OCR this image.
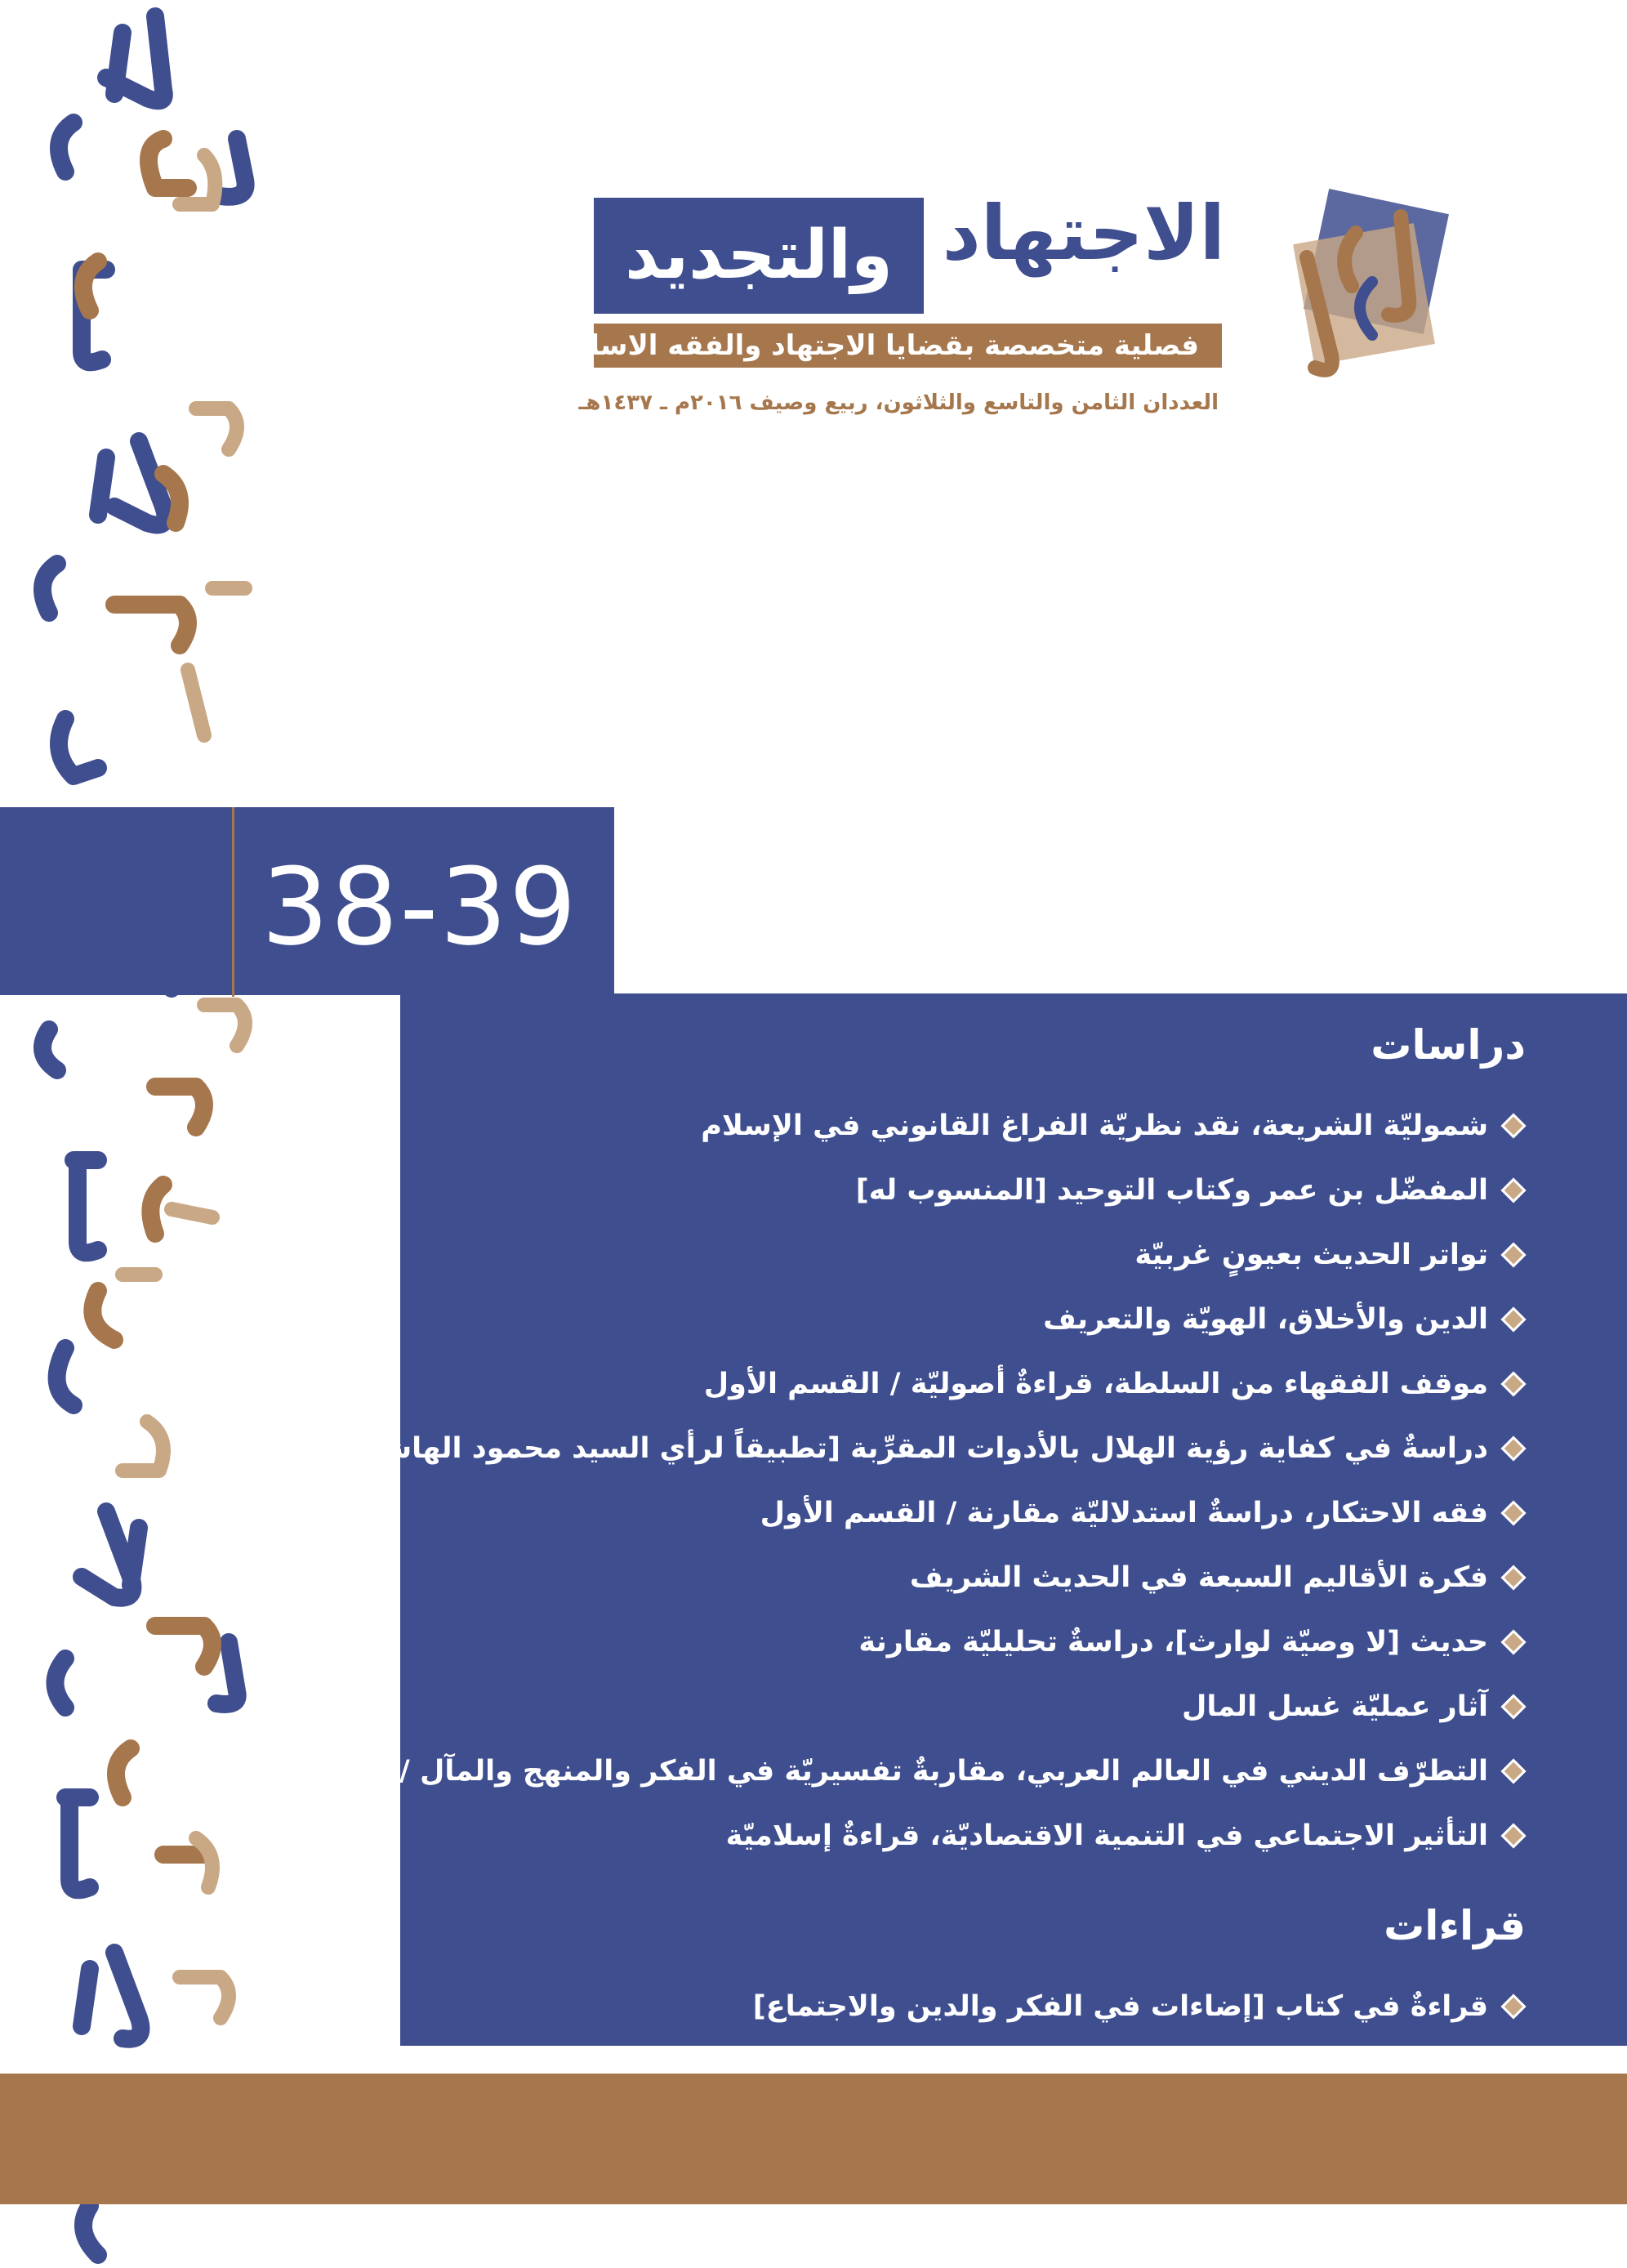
الاجتهاد
والتجديد
فصلية متخصصة بقضايا الاجتهاد والفقه الاسلامي
العددان الثامن والتاسع والثلاثون، ربيع وصيف ٢٠١٦م ـ ١٤٣٧هـ
38-39
دراسات
شموليّة الشريعة، نقد نظريّة الفراغ القانوني في الإسلام
المفضّل بن عمر وكتاب التوحيد [المنسوب له]
تواتر الحديث بعيونٍ غربيّة
الدين والأخلاق، الهويّة والتعريف
موقف الفقهاء من السلطة، قراءةٌ أصوليّة / القسم الأول
دراسةٌ في كفاية رؤية الهلال بالأدوات المقرِّبة [تطبيقاً لرأي السيد محمود الهاشمي]
فقه الاحتكار، دراسةٌ استدلاليّة مقارنة / القسم الأول
فكرة الأقاليم السبعة في الحديث الشريف
حديث [لا وصيّة لوارث]، دراسةٌ تحليليّة مقارنة
آثار عمليّة غسل المال
التطرّف الديني في العالم العربي، مقاربةٌ تفسيريّة في الفكر والمنهج والمآل / القسم الثاني
التأثير الاجتماعي في التنمية الاقتصاديّة، قراءةٌ إسلاميّة
قراءات
قراءةٌ في كتاب [إضاءات في الفكر والدين والاجتماع]
